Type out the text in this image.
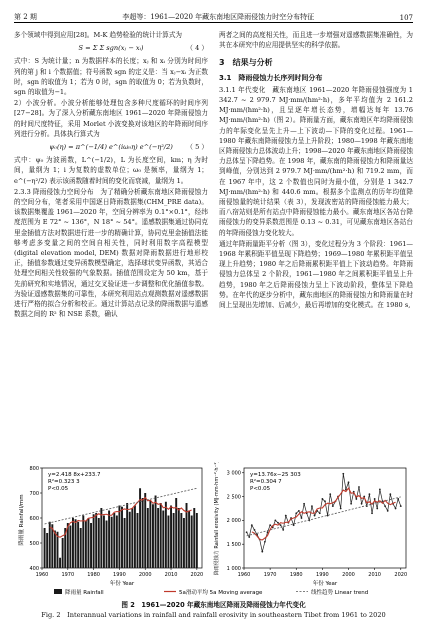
第 2 期	李超等：1961—2020 年藏东南地区降雨侵蚀力时空分布特征	107

多个领域中得到应用[28]。M-K 趋势检验的统计计算式为

S = Σ Σ sgn(xⱼ − xᵢ)	（ 4 ）

式中：S 为统计量；n 为数据样本的长度；xⱼ 和 xᵢ 分别为时间序列的第 j 和 i 个数据值；符号函数 sgn 的定义是：当 xⱼ−xᵢ 为正数时，sgn 的取值为 1；若为 0 时，sgn 的取值为 0；若为负数时，sgn 的取值为−1。

2）小波分析。小波分析能够处理包含多种尺度循环的时间序列[27−28]。为了深入分析藏东南地区 1961—2020 年降雨侵蚀力的时间尺度特征，采用 Morlet 小波变换对该地区的年降雨时间序列进行分析。具体执行算式为

ψ₀(η) = π^(−1/4) e^(iω₀η) e^(−η²/2) （ 5 ）

式中：ψ₀ 为波函数，L^(−1/2)，L 为长度空间，km；η 为时间，量纲为 1；i 为复数的虚数单位；ω₀ 是频率，量纲为 1；e^(−η²/2) 表示该函数随着时间的变化而衰减，量纲为 1。

2.3.3 降雨侵蚀力空间分布　为了精确分析藏东南地区降雨侵蚀力的空间分布，笔者采用中国逐日降雨数据集(CHM_PRE data)。该数据集覆盖 1961—2020 年，空间分辨率为 0.1°×0.1°，经纬度范围为 E 72° ~ 136°，N 18° ~ 54°。遥感数据集通过协同克里金插值方法对数据进行进一步的精确计算，协同克里金插值法能够考虑多变量之间的空间自相关性，同时利用数字高程模型(digital elevation model, DEM) 数据对降雨数据进行地形校正，插值参数通过变异函数模型确定，选择球状变异函数，其适合处理空间相关性较强的气象数据。插值范围设定为 50 km，基于先前研究和实地情况，通过交叉验证进一步调整和优化插值参数。为验证遥感数据集的可靠性，本研究利用站点观测数据对遥感数据进行严格的拟合分析和校正。通过计算站点记录的降雨数据与遥感数据之间的 R² 和 NSE 系数，确认

两者之间的高度相关性，而且进一步增强对遥感数据集准确性，为其在本研究中的应用提供坚实的科学依据。

3　结果与分析
3.1　降雨侵蚀力长序列时间分布

3.1.1 年代变化　藏东南地区 1961—2020 年降雨侵蚀强度为 1 342.7 ~ 2 979.7 MJ·mm/(hm²·h)，多年平均值为 2 161.2 MJ·mm/(hm²·h)，且呈逐年增长态势，增幅达每年 13.76 MJ·mm/(hm²·h)（图 2）。降雨量方面，藏东南地区年均降雨侵蚀力的年际变化呈先上升—上下波动—下降的变化过程。1961—1980 年藏东南降雨侵蚀力呈上升阶段；1980—1998 年藏东南地区降雨侵蚀力总体波动上升；1998—2020 年藏东南地区降雨侵蚀力总体呈下降趋势。在 1998 年，藏东南的降雨侵蚀力和降雨量达到峰值，分别达到 2 979.7 MJ·mm/(hm²·h) 和 719.2 mm，而在 1967 年中，这 2 个数值也同时为最小值，分别是 1 342.7 MJ·mm/(hm²·h) 和 440.6 mm。根据多个监测点的历年均值降雨侵蚀量的统计结果（表 3），发现波密站的降雨侵蚀能力最大；而八宿站则是所有站点中降雨侵蚀能力最小。藏东南地区各站台降雨侵蚀力的变异系数范围是 0.13 ~ 0.31，可见藏东南地区各站台的年降雨侵蚀力变化较大。

通过年降雨量距平分析（图 3），变化过程分为 3 个阶段：1961—1968 年累积距平值呈现下降趋势；1969—1980 年累积距平值呈现上升趋势；1980 年之后降雨累积距平值上下波动趋势。年降雨侵蚀力总体呈 2 个阶段，1961—1980 年之间累积距平值呈上升趋势，1980 年之后降雨侵蚀力呈上下波动阶段，整体呈下降趋势。在年代的逐步分析中，藏东南地区的降雨侵蚀力和降雨量在时间上呈现出先增加、后减少，最后再增加的变化模式。在 1980 s,

400
500
600
700
800
1960	1970	1980	1990	2000	2010	2020
y=2.418 8x+233.7
R²=0.323 3
P<0.05
降雨量 Rainfall/mm
年份 Year
1 000
1 500
2 000
2 500
3 000
1960	1970	1980	1990	2000	2010	2020
y=13.76x−25 303
R²=0.304 7
P<0.05
降雨侵蚀力 Rainfall erosivity (MJ·mm·hm⁻²·h⁻¹)
年份 Year
降雨量 Rainfall	5a滑动平均 5a Moving average	线性趋势 Linear trend
图 2　1961—2020 年藏东南地区降雨及降雨侵蚀力年代变化
Fig. 2　Interannual variations in rainfall and rainfall erosivity in southeastern Tibet from 1961 to 2020
